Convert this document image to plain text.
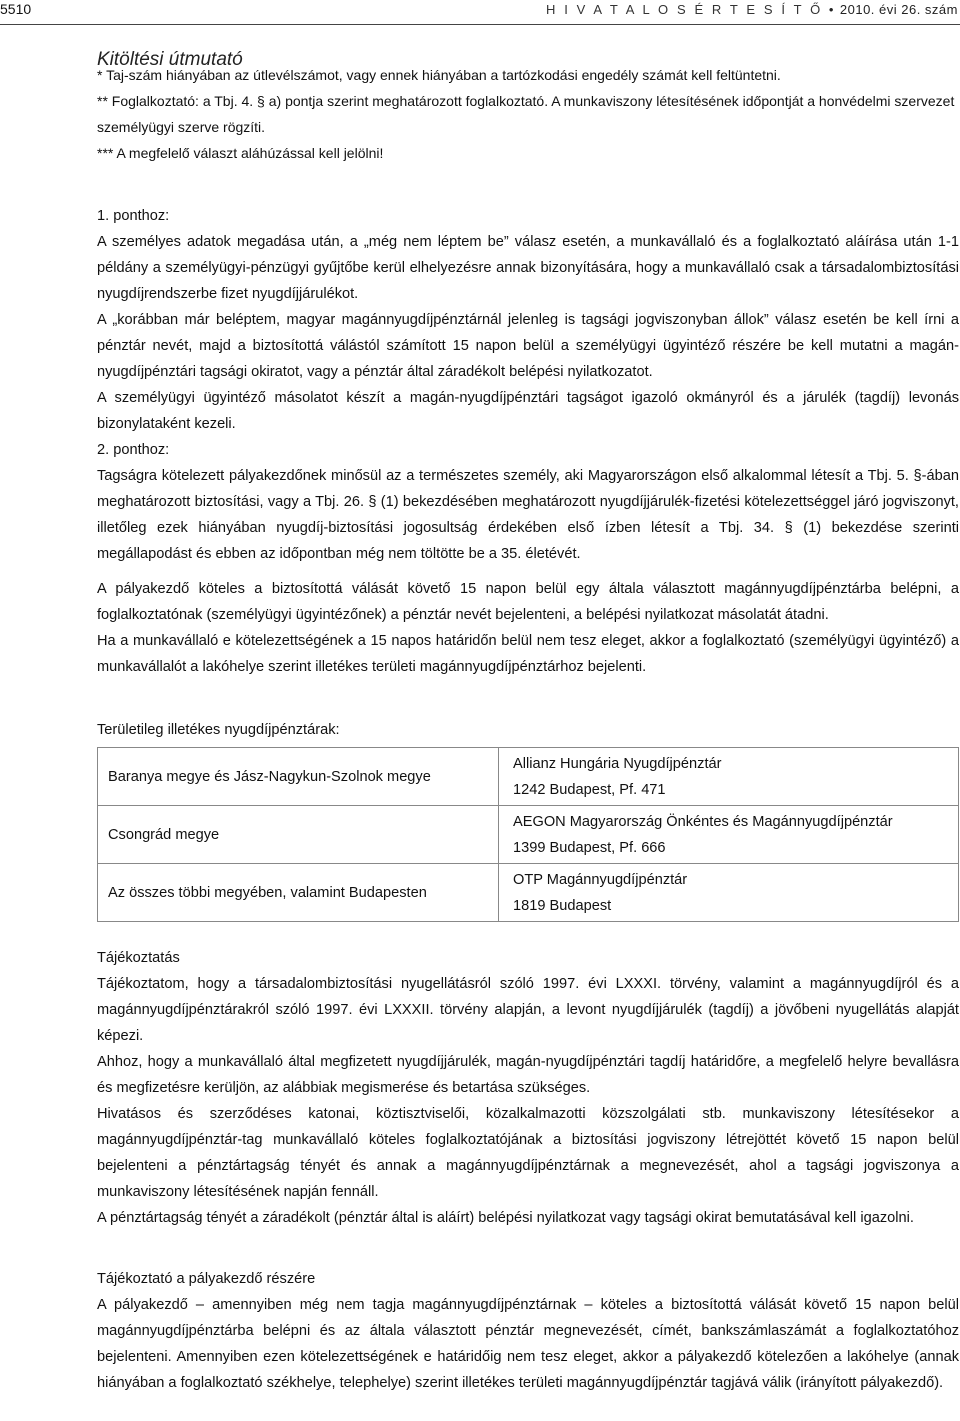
5510	H I V A T A L O S É R T E S Í T Ő • 2010. évi 26. szám
Kitöltési útmutató

* Taj-szám hiányában az útlevélszámot, vagy ennek hiányában a tartózkodási engedély számát kell feltüntetni.

** Foglalkoztató: a Tbj. 4. § a) pontja szerint meghatározott foglalkoztató. A munkaviszony létesítésének időpontját a honvédelmi szervezet személyügyi szerve rögzíti.

*** A megfelelő választ aláhúzással kell jelölni!

1. ponthoz:

A személyes adatok megadása után, a „még nem léptem be” válasz esetén, a munkavállaló és a foglalkoztató aláírása után 1-1 példány a személyügyi-pénzügyi gyűjtőbe kerül elhelyezésre annak bizonyítására, hogy a munkavállaló csak a társadalombiztosítási nyugdíjrendszerbe fizet nyugdíjjárulékot.

A „korábban már beléptem, magyar magánnyugdíjpénztárnál jelenleg is tagsági jogviszonyban állok” válasz esetén be kell írni a pénztár nevét, majd a biztosítottá válástól számított 15 napon belül a személyügyi ügyintéző részére be kell mutatni a magán-nyugdíjpénztári tagsági okiratot, vagy a pénztár által záradékolt belépési nyilatkozatot.

A személyügyi ügyintéző másolatot készít a magán-nyugdíjpénztári tagságot igazoló okmányról és a járulék (tagdíj) levonás bizonylataként kezeli.

2. ponthoz:

Tagságra kötelezett pályakezdőnek minősül az a természetes személy, aki Magyarországon első alkalommal létesít a Tbj. 5. §-ában meghatározott biztosítási, vagy a Tbj. 26. § (1) bekezdésében meghatározott nyugdíjjárulék-fizetési kötelezettséggel járó jogviszonyt, illetőleg ezek hiányában nyugdíj-biztosítási jogosultság érdekében első ízben létesít a Tbj. 34. § (1) bekezdése szerinti megállapodást és ebben az időpontban még nem töltötte be a 35. életévét.

A pályakezdő köteles a biztosítottá válását követő 15 napon belül egy általa választott magánnyugdíjpénztárba belépni, a foglalkoztatónak (személyügyi ügyintézőnek) a pénztár nevét bejelenteni, a belépési nyilatkozat másolatát átadni.

Ha a munkavállaló e kötelezettségének a 15 napos határidőn belül nem tesz eleget, akkor a foglalkoztató (személyügyi ügyintéző) a munkavállalót a lakóhelye szerint illetékes területi magánnyugdíjpénztárhoz bejelenti.

Területileg illetékes nyugdíjpénztárak:
Baranya megye és Jász-Nagykun-Szolnok megye	Allianz Hungária Nyugdíjpénztár
1242 Budapest, Pf. 471

Csongrád megye	AEGON Magyarország Önkéntes és Magánnyugdíjpénztár
1399 Budapest, Pf. 666

Az összes többi megyében, valamint Budapesten	OTP Magánnyugdíjpénztár
1819 Budapest
Tájékoztatás

Tájékoztatom, hogy a társadalombiztosítási nyugellátásról szóló 1997. évi LXXXI. törvény, valamint a magánnyugdíjról és a magánnyugdíjpénztárakról szóló 1997. évi LXXXII. törvény alapján, a levont nyugdíjjárulék (tagdíj) a jövőbeni nyugellátás alapját képezi.

Ahhoz, hogy a munkavállaló által megfizetett nyugdíjjárulék, magán-nyugdíjpénztári tagdíj határidőre, a megfelelő helyre bevallásra és megfizetésre kerüljön, az alábbiak megismerése és betartása szükséges.

Hivatásos és szerződéses katonai, köztisztviselői, közalkalmazotti közszolgálati stb. munkaviszony létesítésekor a magánnyugdíjpénztár-tag munkavállaló köteles foglalkoztatójának a biztosítási jogviszony létrejöttét követő 15 napon belül bejelenteni a pénztártagság tényét és annak a magánnyugdíjpénztárnak a megnevezését, ahol a tagsági jogviszonya a munkaviszony létesítésének napján fennáll.

A pénztártagság tényét a záradékolt (pénztár által is aláírt) belépési nyilatkozat vagy tagsági okirat bemutatásával kell igazolni.

Tájékoztató a pályakezdő részére

A pályakezdő – amennyiben még nem tagja magánnyugdíjpénztárnak – köteles a biztosítottá válását követő 15 napon belül magánnyugdíjpénztárba belépni és az általa választott pénztár megnevezését, címét, bankszámlaszámát a foglalkoztatóhoz bejelenteni. Amennyiben ezen kötelezettségének e határidőig nem tesz eleget, akkor a pályakezdő kötelezően a lakóhelye (annak hiányában a foglalkoztató székhelye, telephelye) szerint illetékes területi magánnyugdíjpénztár tagjává válik (irányított pályakezdő).
